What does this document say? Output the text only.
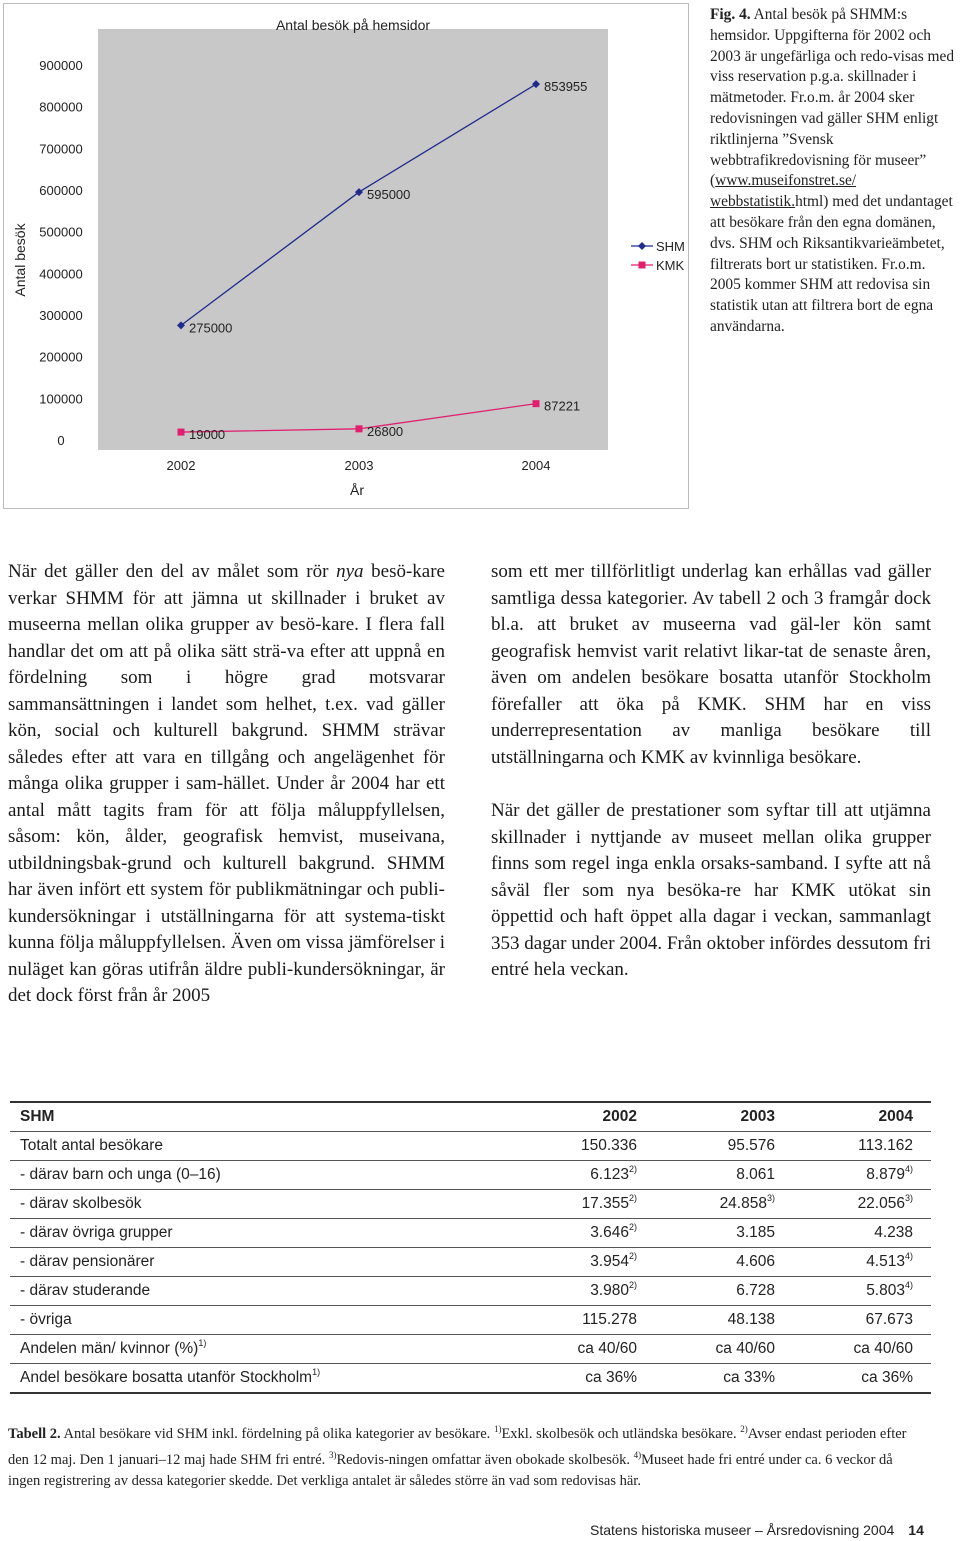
Antal besök på hemsidor
900000
800000
700000
600000
500000
400000
300000
200000
100000
0
2002	2003	2004
275000
595000
853955
19000	26800
87221
Antal besök
År
SHM
KMK
Fig. 4. Antal besök på SHMM:s hemsidor. Uppgifterna för 2002 och 2003 är ungefärliga och redo-visas med viss reservation p.g.a. skillnader i mätmetoder. Fr.o.m. år 2004 sker redovisningen vad gäller SHM enligt riktlinjerna ”Svensk webbtrafikredovisning för museer” (www.museifonstret.se/ webbstatistik.html) med det undantaget att besökare från den egna domänen, dvs. SHM och Riksantikvarieämbetet, filtrerats bort ur statistiken. Fr.o.m. 2005 kommer SHM att redovisa sin statistik utan att filtrera bort de egna användarna.

När det gäller den del av målet som rör nya besö-kare verkar SHMM för att jämna ut skillnader i bruket av museerna mellan olika grupper av besö-kare. I flera fall handlar det om att på olika sätt strä-va efter att uppnå en fördelning som i högre grad motsvarar sammansättningen i landet som helhet, t.ex. vad gäller kön, social och kulturell bakgrund. SHMM strävar således efter att vara en tillgång och angelägenhet för många olika grupper i sam-hället. Under år 2004 har ett antal mått tagits fram för att följa måluppfyllelsen, såsom: kön, ålder, geografisk hemvist, museivana, utbildningsbak-grund och kulturell bakgrund. SHMM har även infört ett system för publikmätningar och publi-kundersökningar i utställningarna för att systema-tiskt kunna följa måluppfyllelsen. Även om vissa jämförelser i nuläget kan göras utifrån äldre publi-kundersökningar, är det dock först från år 2005

som ett mer tillförlitligt underlag kan erhållas vad gäller samtliga dessa kategorier. Av tabell 2 och 3 framgår dock bl.a. att bruket av museerna vad gäl-ler kön samt geografisk hemvist varit relativt likar-tat de senaste åren, även om andelen besökare bosatta utanför Stockholm förefaller att öka på KMK. SHM har en viss underrepresentation av manliga besökare till utställningarna och KMK av kvinnliga besökare.

När det gäller de prestationer som syftar till att utjämna skillnader i nyttjande av museet mellan olika grupper finns som regel inga enkla orsaks-samband. I syfte att nå såväl fler som nya besöka-re har KMK utökat sin öppettid och haft öppet alla dagar i veckan, sammanlagt 353 dagar under 2004. Från oktober infördes dessutom fri entré hela veckan.

SHM	2002	2003	2004
Totalt antal besökare	150.336	95.576	113.162
- därav barn och unga (0–16)	6.123$^{2)}$	8.061	8.879$^{4)}$
- därav skolbesök	17.355$^{2)}$	24.858$^{3)}$	22.056$^{3)}$
- därav övriga grupper	3.646$^{2)}$	3.185	4.238
- därav pensionärer	3.954$^{2)}$	4.606	4.513$^{4)}$
- därav studerande	3.980$^{2)}$	6.728	5.803$^{4)}$
- övriga	115.278	48.138	67.673
Andelen män/ kvinnor (%)$^{1)}$	ca 40/60	ca 40/60	ca 40/60
Andel besökare bosatta utanför Stockholm$^{1)}$	ca 36%	ca 33%	ca 36%
Tabell 2. Antal besökare vid SHM inkl. fördelning på olika kategorier av besökare. $^{1)}$Exkl. skolbesök och utländska besökare. $^{2)}$Avser endast perioden efter den 12 maj. Den 1 januari–12 maj hade SHM fri entré. $^{3)}$Redovis-ningen omfattar även obokade skolbesök. $^{4)}$Museet hade fri entré under ca. 6 veckor då ingen registrering av dessa kategorier skedde. Det verkliga antalet är således större än vad som redovisas här.
Statens historiska museer – Årsredovisning 2004 14
